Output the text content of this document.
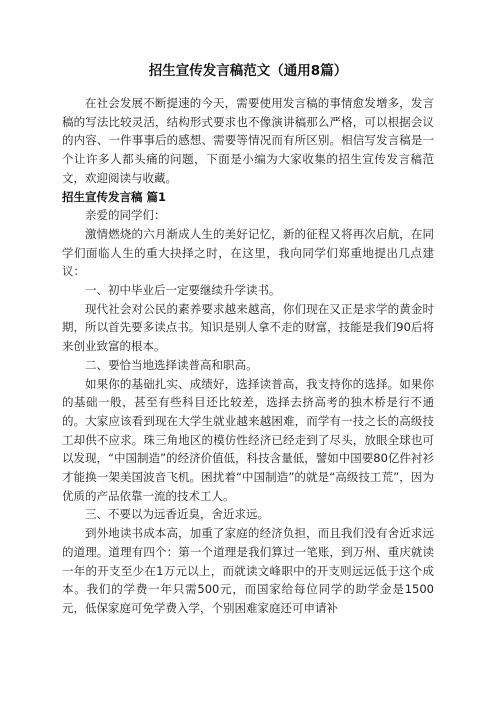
招生宣传发言稿范文（通用8篇）

在社会发展不断提速的今天，需要使用发言稿的事情愈发增多，发言稿的写法比较灵活，结构形式要求也不像演讲稿那么严格，可以根据会议的内容、一件事事后的感想、需要等情况而有所区别。相信写发言稿是一个让许多人都头痛的问题，下面是小编为大家收集的招生宣传发言稿范文，欢迎阅读与收藏。

招生宣传发言稿 篇1

亲爱的同学们：

激情燃烧的六月渐成人生的美好记忆，新的征程又将再次启航，在同学们面临人生的重大抉择之时，在这里，我向同学们郑重地提出几点建议：

一、初中毕业后一定要继续升学读书。

现代社会对公民的素养要求越来越高，你们现在又正是求学的黄金时期，所以首先要多读点书。知识是别人拿不走的财富，技能是我们90后将来创业致富的根本。

二、要恰当地选择读普高和职高。

如果你的基础扎实、成绩好，选择读普高，我支持你的选择。如果你的基础一般，甚至有些科目还比较差，选择去挤高考的独木桥是行不通的。大家应该看到现在大学生就业越来越困难，而学有一技之长的高级技工却供不应求。珠三角地区的模仿性经济已经走到了尽头，放眼全球也可以发现，“中国制造”的经济价值低，科技含量低，譬如中国要80亿件衬衫才能换一架美国波音飞机。困扰着“中国制造”的就是“高级技工荒”，因为优质的产品依靠一流的技术工人。

三、不要以为远香近臭，舍近求远。

到外地读书成本高，加重了家庭的经济负担，而且我们没有舍近求远的道理。道理有四个：第一个道理是我们算过一笔账，到万州、重庆就读一年的开支至少在1万元以上，而就读文峰职中的开支则远远低于这个成本。我们的学费一年只需500元，而国家给每位同学的助学金是1500元，低保家庭可免学费入学，个别困难家庭还可申请补
